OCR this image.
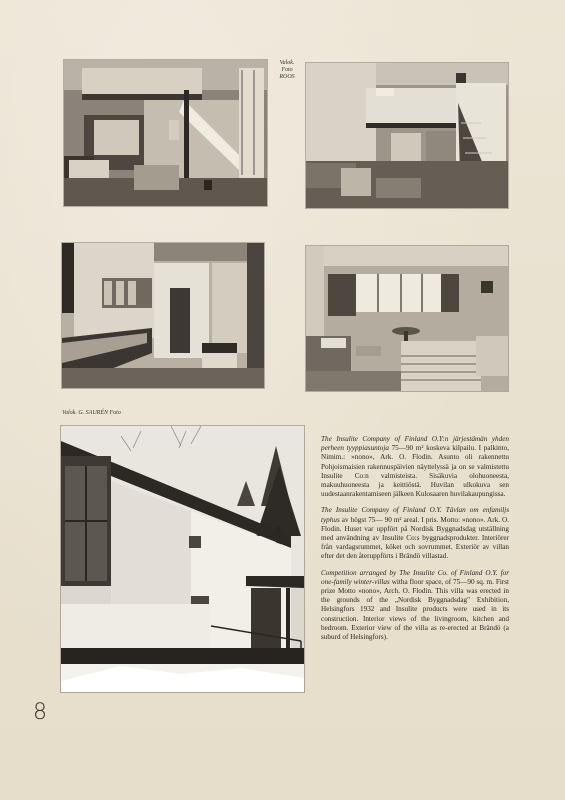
Valok.
Foto
ROOS
Valok. G. SAURÉN Foto

The Insulite Company of Finland O.Y:n järjestämän yhden perheen tyyppiasuntoja 75—90 m² koskeva kilpailu. I palkinto, Nimim.: »nono», Ark. O. Flodin. Asunto oli rakennettu Pohjoismaisien rakennuspäivien näyttelyssä ja on se valmistettu Insulite Co:n valmisteista. Sisäkuvia olohuoneesta, makuuhuoneesta ja keittiöstä. Huvilan ulkokuva sen uudestaanrakentamiseen jälkeen Kulosaaren huvilakaupungissa.

The Insulite Company of Finland O.Y. Tävlan om enfamiljs typhus av högst 75— 90 m² areal. I pris. Motto: »nono». Ark. O. Flodin. Huset var uppfört på Nordisk Byggnadsdag utställning med användning av Insulite Co:s byggnadsprodukter. Interiörer från vardagsrummet, köket och sovrummet. Exteriör av villan efter det den återuppförts i Brändö villastad.

Competition arranged by The Insulite Co. of Finland O.Y. for one-family winter-villas witha floor space, of 75—90 sq. m. First prize Motto »nono», Arch. O. Flodin. This villa was erected in the grounds of the „Nordisk Byggnadsdag" Exhibition, Helsingfors 1932 and Insulite products were used in its construction. Interior views of the livingroom, kitchen and bedroom. Exterior view of the villa as re-erected at Brändö (a suburd of Helsingfors).

8
